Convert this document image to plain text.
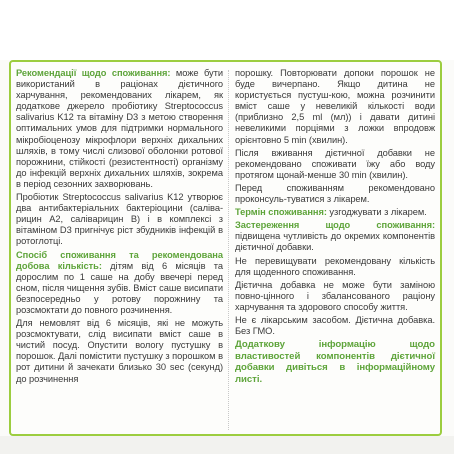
Рекомендації щодо споживання: може бути використаний в раціонах дієтичного харчування, рекомендованих лікарем, як додаткове джерело пробіотику Streptococcus salivarius K12 та вітаміну D3 з метою створення оптимальних умов для підтримки нормального мікробіоценозу мікрофлори верхніх дихальних шляхів, в тому числі слизової оболонки ротової порожнини, стійкості (резистентності) організму до інфекцій верхніх дихальних шляхів, зокрема в період сезонних захворювань.

Пробіотик Streptococcus salivarius K12 утворює два антибактеріальних бактеріоцини (саліва-рицин A2, саліварицин B) і в комплексі з вітаміном D3 пригнічує ріст збудників інфекцій в ротоглотці.

Спосіб споживання та рекомендована добова кількість: дітям від 6 місяців та дорослим по 1 саше на добу ввечері перед сном, після чищення зубів. Вміст саше висипати безпосередньо у ротову порожнину та розсмоктати до повного розчинення.

Для немовлят від 6 місяців, які не можуть розсмоктувати, слід висипати вміст саше в чистий посуд. Опустити вологу пустушку в порошок. Далі помістити пустушку з порошком в рот дитини й зачекати близько 30 sec (секунд) до розчинення

порошку. Повторювати допоки порошок не буде вичерпано. Якщо дитина не користується пустуш-кою, можна розчинити вміст саше у невеликій кількості води (приблизно 2,5 ml (мл)) і давати дитині невеликими порціями з ложки впродовж орієнтовно 5 min (хвилин).

Після вживання дієтичної добавки не рекомендовано споживати їжу або воду протягом щонай-менше 30 min (хвилин).

Перед споживанням рекомендовано проконсуль-туватися з лікарем.

Термін споживання: узгоджувати з лікарем.

Застереження щодо споживання: підвищена чутливість до окремих компонентів дієтичної добавки.

Не перевищувати рекомендовану кількість для щоденного споживання.

Дієтична добавка не може бути заміною повно-цінного і збалансованого раціону харчування та здорового способу життя.

Не є лікарським засобом. Дієтична добавка. Без ГМО.

Додаткову інформацію щодо властивостей компонентів дієтичної добавки дивіться в інформаційному листі.
